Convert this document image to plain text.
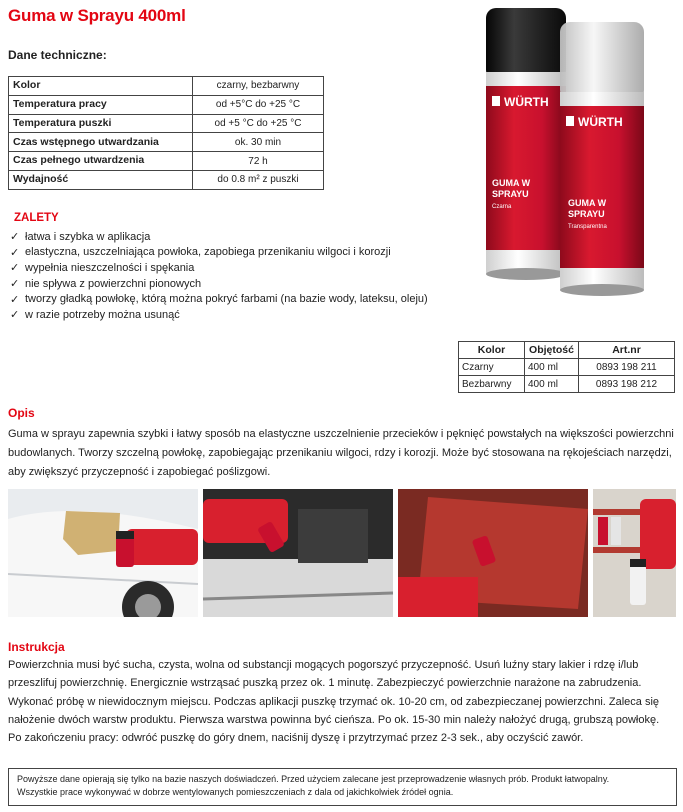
Guma w Sprayu 400ml
Dane techniczne:
Kolor	czarny, bezbarwny
Temperatura pracy	od +5°C do +25 °C
Temperatura puszki	od +5 °C do +25 °C
Czas wstępnego utwardzania	ok. 30 min
Czas pełnego utwardzenia	72 h
Wydajność	do 0.8 m² z puszki
ZALETY
✓ łatwa i szybka w aplikacja
✓ elastyczna, uszczelniająca powłoka, zapobiega przenikaniu wilgoci i korozji
✓ wypełnia nieszczelności i spękania
✓ nie spływa z powierzchni pionowych
✓ tworzy gładką powłokę, którą można pokryć farbami (na bazie wody, lateksu, oleju)
✓ w razie potrzeby można usunąć
WÜRTH
GUMA W
SPRAYU
Czarna
WÜRTH
GUMA W
SPRAYU
Transparentna
Kolor	Objętość	Art.nr
Czarny	400 ml	0893 198 211
Bezbarwny	400 ml	0893 198 212
Opis
Guma w sprayu zapewnia szybki i łatwy sposób na elastyczne uszczelnienie przecieków i pęknięć powstałych na większości powierzchni budowlanych. Tworzy szczelną powłokę, zapobiegając przenikaniu wilgoci, rdzy i korozji. Może być stosowana na rękojeściach narzędzi, aby zwiększyć przyczepność i zapobiegać poślizgowi.
Instrukcja
Powierzchnia musi być sucha, czysta, wolna od substancji mogących pogorszyć przyczepność. Usuń luźny stary lakier i rdzę i/lub przeszlifuj powierzchnię. Energicznie wstrząsać puszką przez ok. 1 minutę. Zabezpieczyć powierzchnie narażone na zabrudzenia. Wykonać próbę w niewidocznym miejscu. Podczas aplikacji puszkę trzymać ok. 10-20 cm, od zabezpieczanej powierzchni. Zaleca się nałożenie dwóch warstw produktu. Pierwsza warstwa powinna być cieńsza. Po ok. 15-30 min należy nałożyć drugą, grubszą powłokę.
Po zakończeniu pracy: odwróć puszkę do góry dnem, naciśnij dyszę i przytrzymać przez 2-3 sek., aby oczyścić zawór.
Powyższe dane opierają się tylko na bazie naszych doświadczeń. Przed użyciem zalecane jest przeprowadzenie własnych prób. Produkt łatwopalny.
Wszystkie prace wykonywać w dobrze wentylowanych pomieszczeniach z dala od jakichkolwiek źródeł ognia.
